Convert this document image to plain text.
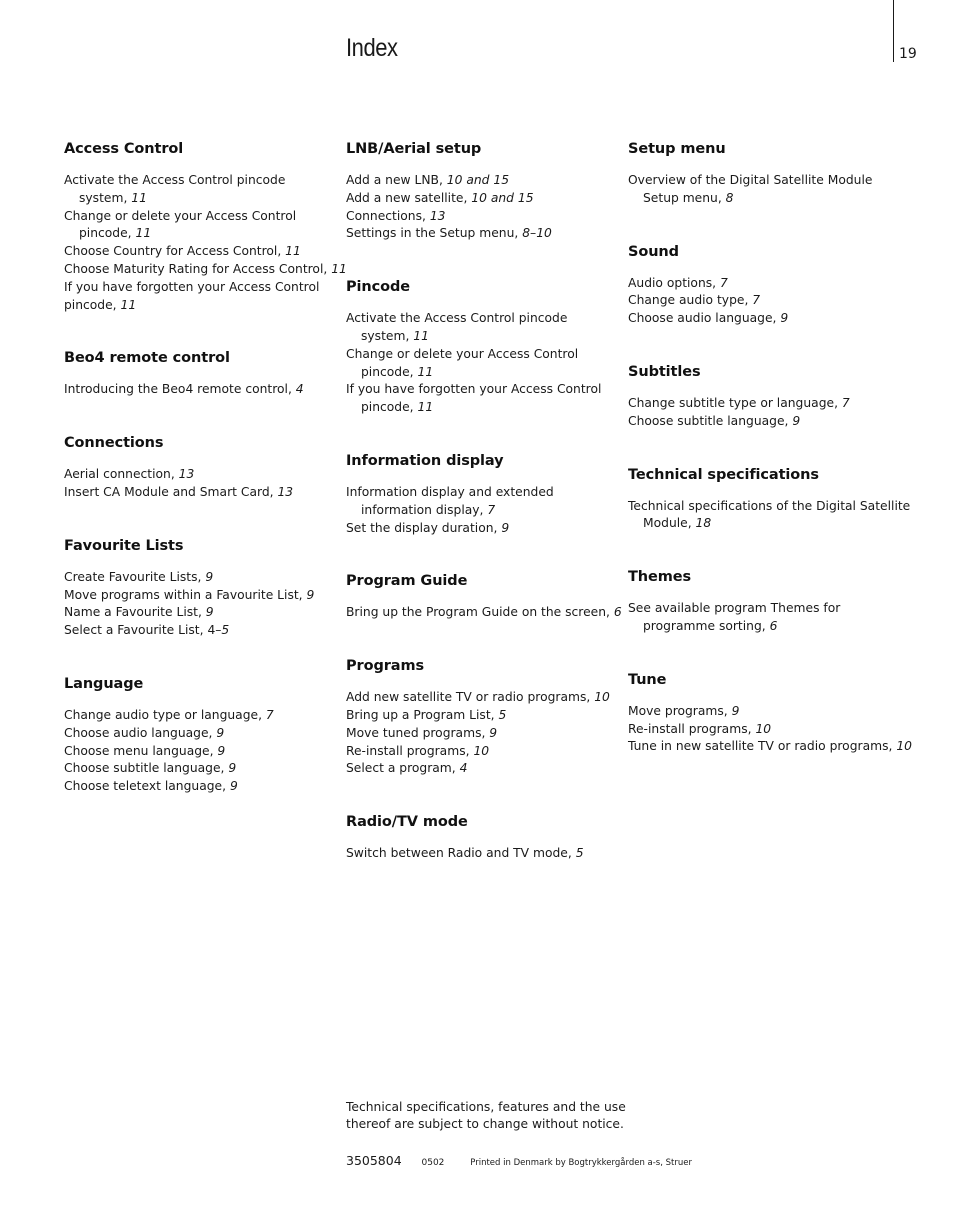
Index	19
Access Control
Activate the Access Control pincode
system, 11
Change or delete your Access Control
pincode, 11
Choose Country for Access Control, 11
Choose Maturity Rating for Access Control, 11
If you have forgotten your Access Control
pincode, 11
Beo4 remote control
Introducing the Beo4 remote control, 4
Connections
Aerial connection, 13
Insert CA Module and Smart Card, 13
Favourite Lists
Create Favourite Lists, 9
Move programs within a Favourite List, 9
Name a Favourite List, 9
Select a Favourite List, 4–5
Language
Change audio type or language, 7
Choose audio language, 9
Choose menu language, 9
Choose subtitle language, 9
Choose teletext language, 9
LNB/Aerial setup
Add a new LNB, 10 and 15
Add a new satellite, 10 and 15
Connections, 13
Settings in the Setup menu, 8–10
Pincode
Activate the Access Control pincode
system, 11
Change or delete your Access Control
pincode, 11
If you have forgotten your Access Control
pincode, 11
Information display
Information display and extended
information display, 7
Set the display duration, 9
Program Guide
Bring up the Program Guide on the screen, 6
Programs
Add new satellite TV or radio programs, 10
Bring up a Program List, 5
Move tuned programs, 9
Re-install programs, 10
Select a program, 4
Radio/TV mode
Switch between Radio and TV mode, 5
Setup menu
Overview of the Digital Satellite Module
Setup menu, 8
Sound
Audio options, 7
Change audio type, 7
Choose audio language, 9
Subtitles
Change subtitle type or language, 7
Choose subtitle language, 9
Technical specifications
Technical specifications of the Digital Satellite
Module, 18
Themes
See available program Themes for
programme sorting, 6
Tune
Move programs, 9
Re-install programs, 10
Tune in new satellite TV or radio programs, 10
Technical specifications, features and the use
thereof are subject to change without notice.
3505804 0502	Printed in Denmark by Bogtrykkergården a-s, Struer
